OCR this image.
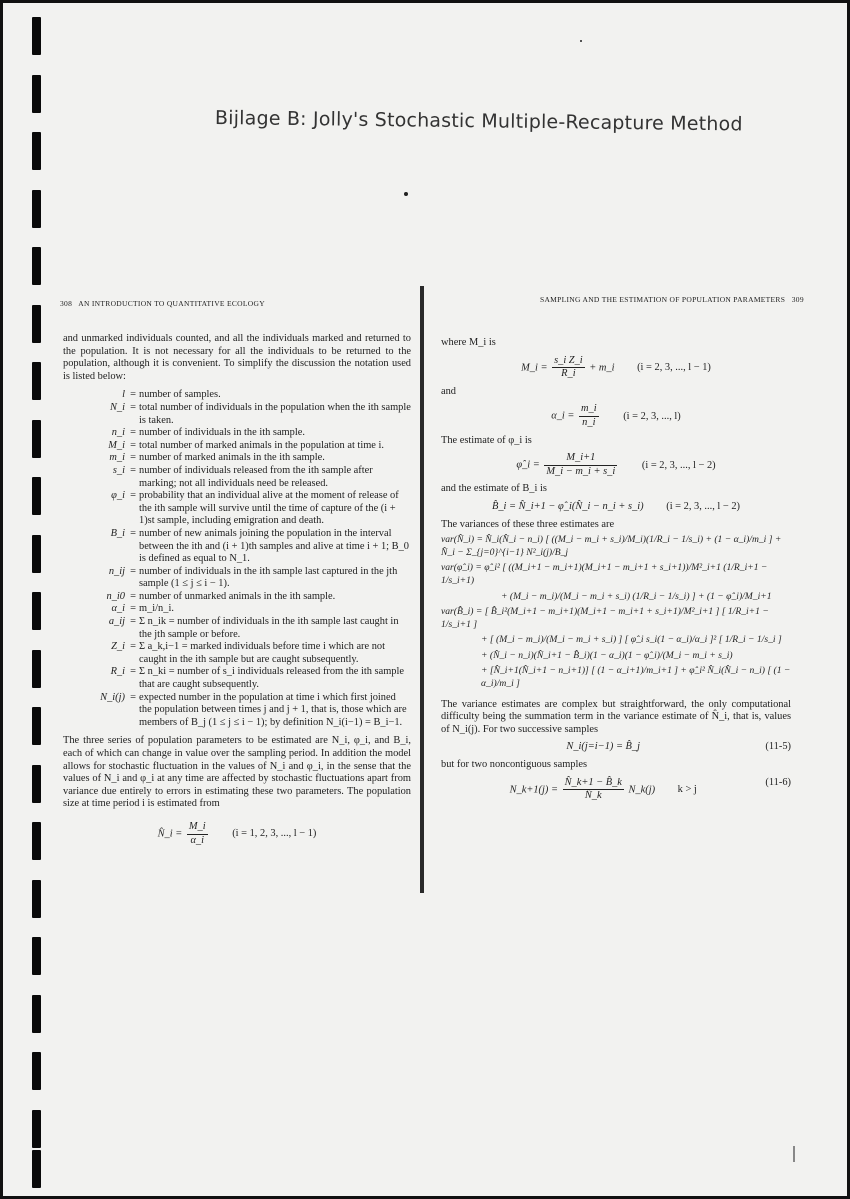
Bijlage B: Jolly's Stochastic Multiple-Recapture Method
308 AN INTRODUCTION TO QUANTITATIVE ECOLOGY

and unmarked individuals counted, and all the individuals marked and returned to the population. It is not necessary for all the individuals to be returned to the population, although it is convenient. To simplify the discussion the notation used is listed below:

l = number of samples.
N_i = total number of individuals in the population when the ith sample is taken.
n_i = number of individuals in the ith sample.
M_i = total number of marked animals in the population at time i.
m_i = number of marked animals in the ith sample.
s_i = number of individuals released from the ith sample after marking; not all individuals need be released.
φ_i = probability that an individual alive at the moment of release of the ith sample will survive until the time of capture of the (i + 1)st sample, including emigration and death.
B_i = number of new animals joining the population in the interval between the ith and (i + 1)th samples and alive at time i + 1; B_0 is defined as equal to N_1.
n_ij = number of individuals in the ith sample last captured in the jth sample (1 ≤ j ≤ i − 1).
n_i0 = number of unmarked animals in the ith sample.
α_i = m_i/n_i.
a_ij = Σ n_ik = number of individuals in the ith sample last caught in the jth sample or before.
Z_i = Σ a_k,i−1 = marked individuals before time i which are not caught in the ith sample but are caught subsequently.
R_i = Σ n_ki = number of s_i individuals released from the ith sample that are caught subsequently.
N_i(j) = expected number in the population at time i which first joined the population between times j and j + 1, that is, those which are members of B_j (1 ≤ j ≤ i − 1); by definition N_i(i−1) = B_i−1.

The three series of population parameters to be estimated are N_i, φ_i, and B_i, each of which can change in value over the sampling period. In addition the model allows for stochastic fluctuation in the values of N_i and φ_i, in the sense that the values of N_i and φ_i at any time are affected by stochastic fluctuations apart from variance due entirely to errors in estimating these two parameters. The population size at time period i is estimated from

N̂_i = $\frac{M\_i}{\alpha\_i} (i = 1$, 2, 3, ..., l − 1)
SAMPLING AND THE ESTIMATION OF POPULATION PARAMETERS 309

where M_i is

M_i = $\frac{\text{s\_i Z\_i}}{R\_i}$ + m_i (i = 2, 3, ..., l − 1)

and

α_i = $\frac{m\_i}{n\_i} (i = 2$, 3, ..., l)

The estimate of φ_i is

φ̂_i = $\frac{M\_i+1}{M\_i - m\_i + s\_i} (i = 2$, 3, ..., l − 2)

and the estimate of B_i is

B̂_i = N̂_i+1 − φ̂_i(N̂_i − n_i + s_i) (i = 2, 3, ..., l − 2)

The variances of these three estimates are

var(N̂_i) = N̂_i(N̂_i − n_i) [ ((M_i − m_i + s_i)/M_i)(1/R_i − 1/s_i) + (1 − α_i)/m_i ] + N̂_i − Σ_{j=0}^{i−1} N²_i(j)/B_j
var(φ̂_i) = φ̂_i² [ ((M_i+1 − m_i+1)(M_i+1 − m_i+1 + s_i+1))/M²_i+1 (1/R_i+1 − 1/s_i+1)
+ (M_i − m_i)/(M_i − m_i + s_i) (1/R_i − 1/s_i) ] + (1 − φ̂_i)/M_i+1
var(B̂_i) = [ B̂_i²(M_i+1 − m_i+1)(M_i+1 − m_i+1 + s_i+1)/M²_i+1 ] [ 1/R_i+1 − 1/s_i+1 ]
+ [ (M_i − m_i)/(M_i − m_i + s_i) ] [ φ̂_i s_i(1 − α_i)/α_i ]² [ 1/R_i − 1/s_i ]
+ (N̂_i − n_i)(N̂_i+1 − B̂_i)(1 − α_i)(1 − φ̂_i)/(M_i − m_i + s_i)
+ [N̂_i+1(N̂_i+1 − n_i+1)] [ (1 − α_i+1)/m_i+1 ] + φ̂_i² N̂_i(N̂_i − n_i) [ (1 − α_i)/m_i ]

The variance estimates are complex but straightforward, the only computational difficulty being the summation term in the variance estimate of N̂_i, that is, values of N_i(j). For two successive samples

(11-5)
N_i(j=i−1) = B̂_j

but for two noncontiguous samples

(11-6)
N_k+1(j) = $\frac{N̂\_k+1 - B̂\_k}{N̂\_k}$ N_k(j) k > j
